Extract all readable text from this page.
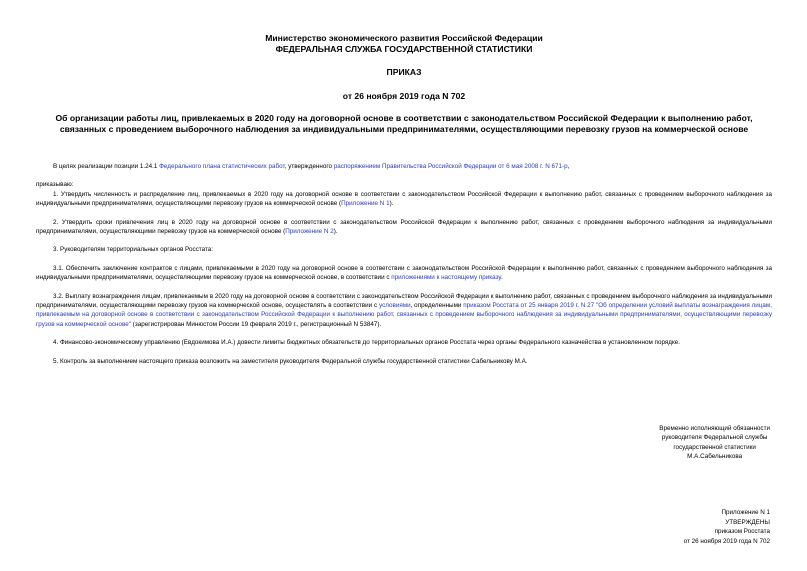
Министерство экономического развития Российской Федерации
ФЕДЕРАЛЬНАЯ СЛУЖБА ГОСУДАРСТВЕННОЙ СТАТИСТИКИ
ПРИКАЗ
от 26 ноября 2019 года N 702
Об организации работы лиц, привлекаемых в 2020 году на договорной основе в соответствии с законодательством Российской Федерации к выполнению работ,
связанных с проведением выборочного наблюдения за индивидуальными предпринимателями, осуществляющими перевозку грузов на коммерческой основе

В целях реализации позиции 1.24.1 Федерального плана статистических работ, утвержденного распоряжением Правительства Российской Федерации от 6 мая 2008 г. N 671-р,

приказываю:

1. Утвердить численность и распределение лиц, привлекаемых в 2020 году на договорной основе в соответствии с законодательством Российской Федерации к выполнению работ, связанных с проведением выборочного наблюдения за индивидуальными предпринимателями, осуществляющими перевозку грузов на коммерческой основе (Приложение N 1).

2. Утвердить сроки привлечения лиц в 2020 году на договорной основе в соответствии с законодательством Российской Федерации к выполнению работ, связанных с проведением выборочного наблюдения за индивидуальными предпринимателями, осуществляющими перевозку грузов на коммерческой основе (Приложение N 2).

3. Руководителям территориальных органов Росстата:

3.1. Обеспечить заключение контрактов с лицами, привлекаемыми в 2020 году на договорной основе в соответствии с законодательством Российской Федерации к выполнению работ, связанных с проведением выборочного наблюдения за индивидуальными предпринимателями, осуществляющими перевозку грузов на коммерческой основе, в соответствии с приложениями к настоящему приказу.

3.2. Выплату вознаграждения лицам, привлекаемым в 2020 году на договорной основе в соответствии с законодательством Российской Федерации к выполнению работ, связанных с проведением выборочного наблюдения за индивидуальными предпринимателями, осуществляющими перевозку грузов на коммерческой основе, осуществлять в соответствии с условиями, определенными приказом Росстата от 25 января 2019 г. N 27 "Об определении условий выплаты вознаграждения лицам, привлекаемым на договорной основе в соответствии с законодательством Российской Федерации к выполнению работ, связанных с проведением выборочного наблюдения за индивидуальными предпринимателями, осуществляющими перевозку грузов на коммерческой основе" (зарегистрирован Минюстом России 19 февраля 2019 г., регистрационный N 53847).

4. Финансово-экономическому управлению (Евдокимова И.А.) довести лимиты бюджетных обязательств до территориальных органов Росстата через органы Федерального казначейства в установленном порядке.

5. Контроль за выполнением настоящего приказа возложить на заместителя руководителя Федеральной службы государственной статистики Сабельникову М.А.

Временно исполняющий обязанности
руководителя Федеральной службы
государственной статистики
М.А.Сабельникова
Приложение N 1
УТВЕРЖДЕНЫ
приказом Росстата
от 26 ноября 2019 года N 702
